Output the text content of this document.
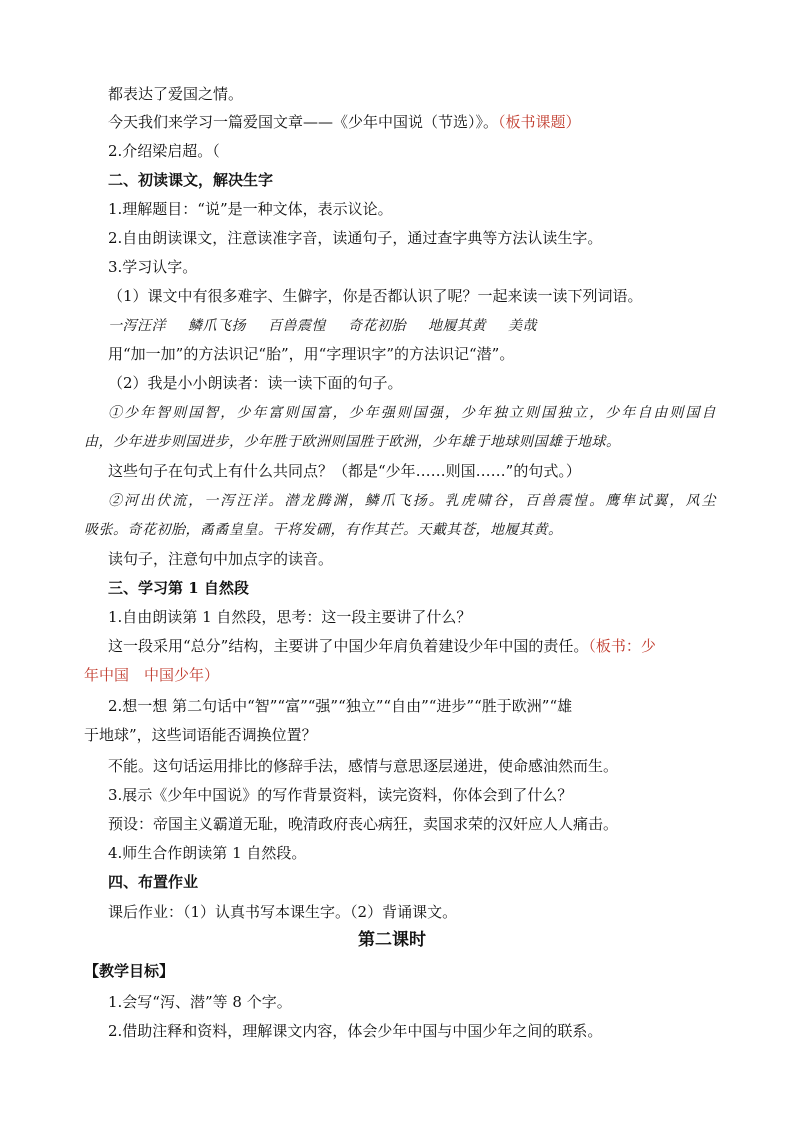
都表达了爱国之情。
今天我们来学习一篇爱国文章——《少年中国说（节选）》。（板书课题）
2.介绍梁启超。（
二、初读课文，解决生字
1.理解题目：“说”是一种文体，表示议论。
2.自由朗读课文，注意读准字音，读通句子，通过查字典等方法认读生字。
3.学习认字。
（1）课文中有很多难字、生僻字，你是否都认识了呢？一起来读一读下列词语。
一泻汪洋 鳞爪飞扬 百兽震惶 奇花初胎 地履其黄 美哉
用“加一加”的方法识记“胎”，用“字理识字”的方法识记“潜”。
（2）我是小小朗读者：读一读下面的句子。
①少年智则国智，少年富则国富，少年强则国强，少年独立则国独立，少年自由则国自
由，少年进步则国进步，少年胜于欧洲则国胜于欧洲，少年雄于地球则国雄于地球。
这些句子在句式上有什么共同点？（都是“少年……则国……”的句式。）
②河出伏流，一泻汪洋。潜龙腾渊，鳞爪飞扬。乳虎啸谷，百兽震惶。鹰隼试翼，风尘
吸张。奇花初胎，矞矞皇皇。干将发硎，有作其芒。天戴其苍，地履其黄。
读句子，注意句中加点字的读音。
三、学习第 1 自然段
1.自由朗读第 1 自然段，思考：这一段主要讲了什么？
这一段采用“总分”结构，主要讲了中国少年肩负着建设少年中国的责任。（板书：少
年中国　中国少年）
2.想一想 第二句话中“智”“富”“强”“独立”“自由”“进步”“胜于欧洲”“雄
于地球”，这些词语能否调换位置？
不能。这句话运用排比的修辞手法，感情与意思逐层递进，使命感油然而生。
3.展示《少年中国说》的写作背景资料，读完资料，你体会到了什么？
预设：帝国主义霸道无耻，晚清政府丧心病狂，卖国求荣的汉奸应人人痛击。
4.师生合作朗读第 1 自然段。
四、布置作业
课后作业：（1）认真书写本课生字。（2）背诵课文。
第二课时
【教学目标】
1.会写“泻、潜”等 8 个字。
2.借助注释和资料，理解课文内容，体会少年中国与中国少年之间的联系。
